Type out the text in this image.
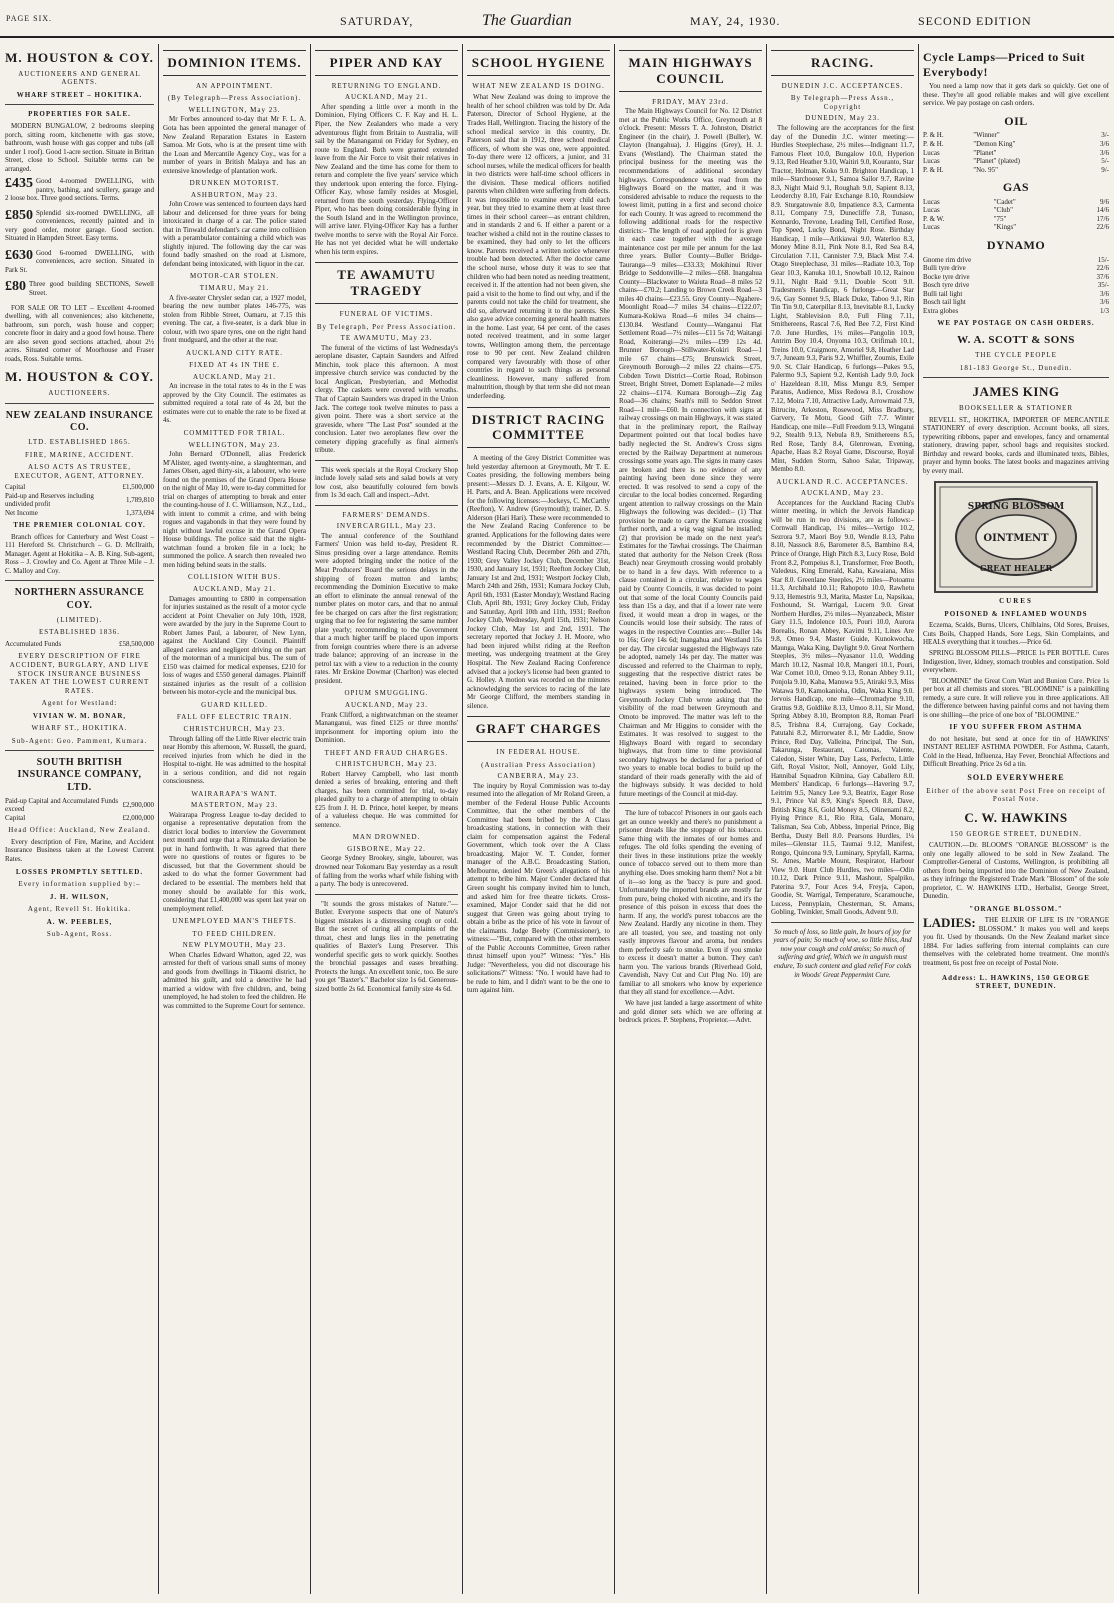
PAGE SIX.	SATURDAY,	The Guardian	MAY, 24, 1930.	SECOND EDITION
M. HOUSTON & COY.
AUCTIONEERS AND GENERAL AGENTS.
WHARF STREET – HOKITIKA.
PROPERTIES FOR SALE.

MODERN BUNGALOW, 2 bedrooms sleeping porch, sitting room, kitchenette with gas stove, bathroom, wash house with gas copper and tubs (all under 1 roof). Good 1-acre section. Situate in Brittan Street, close to School. Suitable terms can be arranged.

£435 Good 4-roomed DWELLING, with pantry, bathing, and scullery, garage and 2 loose box. Three good sections. Terms.

£850 Splendid six-roomed DWELLING, all conveniences, recently painted and in very good order, motor garage. Good section. Situated in Hampden Street. Easy terms.

£630 Good 6-roomed DWELLING, with conveniences, acre section. Situated in Park St.

£80 Three good building SECTIONS, Sewell Street.

FOR SALE OR TO LET – Excellent 4-roomed dwelling, with all conveniences; also kitchenette, bathroom, sun porch, wash house and copper; concrete floor in dairy and a good fowl house. There are also seven good sections attached, about 2½ acres. Situated corner of Moorhouse and Fraser roads, Ross. Suitable terms.

M. HOUSTON & COY.
AUCTIONEERS.
NEW ZEALAND INSURANCE CO.
LTD. ESTABLISHED 1865.
FIRE, MARINE, ACCIDENT.
ALSO ACTS AS TRUSTEE, EXECUTOR, AGENT, ATTORNEY.
Capital	£1,500,000
Paid-up and Reserves including undivided profit	1,789,810
Net Income	1,373,694
THE PREMIER COLONIAL COY.

Branch offices for Canterbury and West Coast – 111 Hereford St. Christchurch – G. D. McIlraith, Manager. Agent at Hokitika – A. B. King. Sub-agent, Ross – J. Crowley and Co. Agent at Three Mile – J. C. Malloy and Coy.

NORTHERN ASSURANCE COY.
(LIMITED).
ESTABLISHED 1836.
Accumulated Funds	£58,500,000
EVERY DESCRIPTION OF FIRE ACCIDENT, BURGLARY, AND LIVE STOCK INSURANCE BUSINESS TAKEN AT THE LOWEST CURRENT RATES.
Agent for Westland:
VIVIAN W. M. BONAR,
WHARF ST., HOKITIKA.
Sub-Agent: Geo. Pamment, Kumara.
SOUTH BRITISH INSURANCE COMPANY, LTD.
Paid-up Capital and Accumulated Funds exceed	£2,900,000
Capital	£2,000,000
Head Office: Auckland, New Zealand.

Every description of Fire, Marine, and Accident Insurance Business taken at the Lowest Current Rates.

LOSSES PROMPTLY SETTLED.
Every information supplied by:–
J. H. WILSON,
Agent, Revell St. Hokitika.
A. W. PEEBLES,
Sub-Agent, Ross.
DOMINION ITEMS.
AN APPOINTMENT.
(By Telegraph—Press Association).
WELLINGTON, May 23.

Mr Forbes announced to-day that Mr F. L. A. Gota has been appointed the general manager of New Zealand Reparation Estates in Eastern Samoa. Mr Gots, who is at the present time with the Loan and Mercantile Agency Coy., was for a number of years in British Malaya and has an extensive knowledge of plantation work.

DRUNKEN MOTORIST.
ASHBURTON, May 23.

John Crowe was sentenced to fourteen days hard labour and delicensed for three years for being intoxicated in charge of a car. The police stated that in Tinwald defendant's car came into collision with a perambulator containing a child which was slightly injured. The following day the car was found badly smashed on the road at Lismore, defendant being intoxicated, with liquor in the car.

MOTOR-CAR STOLEN.
TIMARU, May 21.

A five-seater Chrysler sedan car, a 1927 model, bearing the new number plates 146-775, was stolen from Ribble Street, Oamaru, at 7.15 this evening. The car, a five-seater, is a dark blue in colour, with two spare tyres, one on the right hand front mudguard, and the other at the rear.

AUCKLAND CITY RATE.
FIXED AT 4s IN THE £.
AUCKLAND, May 21.

An increase in the total rates to 4s in the £ was approved by the City Council. The estimates as submitted required a total rate of 4s 2d, but the estimates were cut to enable the rate to be fixed at 4s.

COMMITTED FOR TRIAL.
WELLINGTON, May 23.

John Bernard O'Donnell, alias Frederick M'Alister, aged twenty-nine, a slaughterman, and James Olsen, aged thirty-six, a labourer, who were found on the premises of the Grand Opera House on the night of May 10, were to-day committed for trial on charges of attempting to break and enter the counting-house of J. C. Williamson, N.Z., Ltd., with intent to commit a crime, and with being rogues and vagabonds in that they were found by night without lawful excuse in the Grand Opera House buildings. The police said that the night-watchman found a broken file in a lock; he summoned the police. A search then revealed two men hiding behind seats in the stalls.

COLLISION WITH BUS.
AUCKLAND, May 21.

Damages amounting to £800 in compensation for injuries sustained as the result of a motor cycle accident at Point Chevalier on July 10th, 1928, were awarded by the jury in the Supreme Court to Robert James Paul, a labourer, of New Lynn, against the Auckland City Council. Plaintiff alleged careless and negligent driving on the part of the motorman of a municipal bus. The sum of £150 was claimed for medical expenses, £210 for loss of wages and £550 general damages. Plaintiff sustained injuries as the result of a collision between his motor-cycle and the municipal bus.

GUARD KILLED.
FALL OFF ELECTRIC TRAIN.
CHRISTCHURCH, May 23.

Through falling off the Little River electric train near Hornby this afternoon, W. Russell, the guard, received injuries from which he died in the Hospital to-night. He was admitted to the hospital in a serious condition, and did not regain consciousness.

WAIRARAPA'S WANT.
MASTERTON, May 23.

Wairarapa Progress League to-day decided to organise a representative deputation from the district local bodies to interview the Government next month and urge that a Rimutaka deviation be put in hand forthwith. It was agreed that there were no questions of routes or figures to be discussed, but that the Government should be asked to do what the former Government had declared to be essential. The members held that money should be available for this work, considering that £1,400,000 was spent last year on unemployment relief.

UNEMPLOYED MAN'S THEFTS.
TO FEED CHILDREN.
NEW PLYMOUTH, May 23.

When Charles Edward Whatton, aged 22, was arrested for theft of various small sums of money and goods from dwellings in Tikaomi district, he admitted his guilt, and told a detective he had married a widow with five children, and, being unemployed, he had stolen to feed the children. He was committed to the Supreme Court for sentence.

PIPER AND KAY
RETURNING TO ENGLAND.
AUCKLAND, May 21.

After spending a little over a month in the Dominion, Flying Officers C. F. Kay and H. L. Piper, the New Zealanders who made a very adventurous flight from Britain to Australia, will sail by the Mananganui on Friday for Sydney, en route to England. Both were granted extended leave from the Air Force to visit their relatives in New Zealand and the time has come for them to return and complete the five years' service which they undertook upon entering the force. Flying-Officer Kay, whose family resides at Mosgiel, returned from the south yesterday. Flying-Officer Piper, who has been doing considerable flying in the South Island and in the Wellington province, will arrive later. Flying-Officer Kay has a further twelve months to serve with the Royal Air Force. He has not yet decided what he will undertake when his term expires.

TE AWAMUTU TRAGEDY
FUNERAL OF VICTIMS.
By Telegraph, Per Press Association.
TE AWAMUTU, May 23.

The funeral of the victims of last Wednesday's aeroplane disaster, Captain Saunders and Alfred Minchin, took place this afternoon. A most impressive church service was conducted by the local Anglican, Presbyterian, and Methodist clergy. The caskets were covered with wreaths. That of Captain Saunders was draped in the Union Jack. The cortege took twelve minutes to pass a given point. There was a short service at the graveside, where "The Last Post" sounded at the conclusion. Later two aeroplanes flew over the cemetery dipping gracefully as final airmen's tribute.

This week specials at the Royal Crockery Shop include lovely salad sets and salad bowls at very low cost, also beautifully coloured fern bowls from 1s 3d each. Call and inspect.–Advt.

FARMERS' DEMANDS.
INVERCARGILL, May 23.

The annual conference of the Southland Farmers' Union was held to-day, President R. Sinus presiding over a large attendance. Remits were adopted bringing under the notice of the Meat Producers' Board the serious delays in the shipping of frozen mutton and lambs; recommending the Dominion Executive to make an effort to eliminate the annual renewal of the number plates on motor cars, and that no annual fee be charged on cars after the first registration; urging that no fee for registering the same number plate yearly; recommending to the Government that a much higher tariff be placed upon imports from foreign countries where there is an adverse trade balance; approving of an increase in the petrol tax with a view to a reduction in the county rates. Mr Erskine Dowmar (Charlton) was elected president.

OPIUM SMUGGLING.
AUCKLAND, May 23.

Frank Clifford, a nightwatchman on the steamer Mananganui, was fined £125 or three months' imprisonment for importing opium into the Dominion.

THEFT AND FRAUD CHARGES.
CHRISTCHURCH, May 23.

Robert Harvey Campbell, who last month denied a series of breaking, entering and theft charges, has been committed for trial, to-day pleaded guilty to a charge of attempting to obtain £25 from J. H. D. Prince, hotel keeper, by means of a valueless cheque. He was committed for sentence.

MAN DROWNED.
GISBORNE, May 22.

George Sydney Brookey, single, labourer, was drowned near Tokomaru Bay yesterday as a result of falling from the works wharf while fishing with a party. The body is unrecovered.

"It sounds the gross mistakes of Nature."—Butler. Everyone suspects that one of Nature's biggest mistakes is a distressing cough or cold. But the secret of curing all complaints of the throat, chest and lungs lies in the penetrating qualities of Baxter's Lung Preserver. This wonderful specific gets to work quickly. Soothes the bronchial passages and eases breathing. Protects the lungs. An excellent tonic, too. Be sure you get "Baxter's." Bachelor size 1s 6d. Generous-sized bottle 2s 6d. Economical family size 4s 6d.

SCHOOL HYGIENE
WHAT NEW ZEALAND IS DOING.

What New Zealand was doing to improve the health of her school children was told by Dr. Ada Paterson, Director of School Hygiene, at the Trades Hall, Wellington. Tracing the history of the school medical service in this country, Dr. Paterson said that in 1912, three school medical officers, of whom she was one, were appointed. To-day there were 12 officers, a junior, and 31 school nurses, while the medical officers for health in two districts were half-time school officers in the division. These medical officers notified parents when children were suffering from defects. It was impossible to examine every child each year, but they tried to examine them at least three times in their school career—as entrant children, and in standards 2 and 6. If either a parent or a teacher wished a child not in the routine classes to be examined, they had only to let the officers know. Parents received a written notice whenever trouble had been detected. After the doctor came the school nurse, whose duty it was to see that children who had been noted as needing treatment, received it. If the attention had not been given, she paid a visit to the home to find out why, and if the parents could not take the child for treatment, she did so, afterward returning it to the parents. She also gave advice concerning general health matters in the home. Last year, 64 per cent. of the cases noted received treatment, and in some larger towns, Wellington among them, the percentage rose to 90 per cent. New Zealand children compared very favourably with those of other countries in regard to such things as personal cleanliness. However, many suffered from malnutrition, though by that term she did not mean underfeeding.

DISTRICT RACING COMMITTEE

A meeting of the Grey District Committee was held yesterday afternoon at Greymouth, Mr T. E. Coates presiding, the following members being present:—Messrs D. J. Evans, A. E. Kilgour, W. H. Parts, and A. Bean. Applications were received for the following licenses:—Jockeys, C. McCarthy (Reefton), V. Andrew (Greymouth); trainer, D. S. Alderson (Hari Hari). These were recommended to the New Zealand Racing Conference to be granted. Applications for the following dates were recommended by the District Committee:—Westland Racing Club, December 26th and 27th, 1930; Grey Valley Jockey Club, December 31st, 1930, and January 1st, 1931; Reefton Jockey Club, January 1st and 2nd, 1931; Westport Jockey Club, March 24th and 26th, 1931; Kumara Jockey Club, April 6th, 1931 (Easter Monday); Westland Racing Club, April 8th, 1931; Grey Jockey Club, Friday and Saturday, April 10th and 11th, 1931; Reefton Jockey Club, Wednesday, April 15th, 1931; Nelson Jockey Club, May 1st and 2nd, 1931. The secretary reported that Jockey J. H. Moore, who had been injured whilst riding at the Reefton meeting, was undergoing treatment at the Grey Hospital. The New Zealand Racing Conference advised that a jockey's license had been granted to G. Holley. A motion was recorded on the minutes acknowledging the services to racing of the late Mr George Clifford, the members standing in silence.

GRAFT CHARGES
IN FEDERAL HOUSE.
(Australian Press Association)
CANBERRA, May 23.

The inquiry by Royal Commission was to-day resumed into the allegation of Mr Roland Green, a member of the Federal House Public Accounts Committee, that the other members of the Committee had been bribed by the A Class broadcasting stations, in connection with their claim for compensation against the Federal Government, which took over the A Class broadcasting. Major W. T. Conder, former manager of the A.B.C. Broadcasting Station, Melbourne, denied Mr Green's allegations of his attempt to bribe him. Major Conder declared that Green sought his company invited him to lunch, and asked him for free theatre tickets. Cross-examined, Major Conder said that he did not suggest that Green was going about trying to obtain a bribe as the price of his vote in favour of the claimants. Judge Beeby (Commissioner), to witness:—"But, compared with the other members of the Public Accounts Committee, Green rather thrust himself upon you?" Witness: "Yes." His Judge: "Nevertheless, you did not discourage his solicitations?" Witness: "No. I would have had to be rude to him, and I didn't want to be the one to turn against him.

MAIN HIGHWAYS COUNCIL
FRIDAY, MAY 23rd.

The Main Highways Council for No. 12 District met at the Public Works Office, Greymouth at 8 o'clock. Present: Messrs T. A. Johnston, District Engineer (in the chair), J. Powell (Buller), W. Clayton (Inangahua), J. Higgins (Grey), H. J. Evans (Westland). The Chairman stated the principal business for the meeting was the recommendations of additional secondary highways. Correspondence was read from the Highways Board on the matter, and it was considered advisable to reduce the requests to the lowest limit, putting in a first and second choice for each County. It was agreed to recommend the following additional roads for the respective districts:– The length of road applied for is given in each case together with the average maintenance cost per mile per annum for the last three years. Buller County—Buller Bridge-Tauranga—9 miles—£33.33; Mokihinui River Bridge to Seddonville—2 miles—£68. Inangahua County—Blackwater to Waiuta Road—8 miles 52 chains—£70.2; Landing to Brown Creek Road—3 miles 40 chains—£23.55. Grey County—Ngahere-Moonlight Road—7 miles 34 chains—£122.07; Kumara-Kokiwa Road—6 miles 34 chains—£130.84. Westland County—Wanganui Flat Settlement Road—7½ miles—£11 5s 7d; Waitangi Road, Koiterangi—2½ miles—£99 12s 4d. Brunner Borough—Stillwater-Kokiri Road—1 mile 67 chains—£75; Brunswick Street, Greymouth Borough—2 miles 22 chains—£75. Cobden Town District—Cortie Road, Robinson Street, Bright Street, Domett Esplanade—2 miles 22 chains—£174. Kumara Borough—Zig Zag Road—36 chains; Seath's mill to Seddon Street Road—1 mile—£60. In connection with signs at railway crossings on main Highways, it was stated that in the preliminary report, the Railway Department pointed out that local bodies have badly neglected the St. Andrew's Cross signs erected by the Railway Department at numerous crossings some years ago. The signs in many cases are broken and there is no evidence of any painting having been done since they were erected. It was resolved to send a copy of the circular to the local bodies concerned. Regarding urgent attention to railway crossings on the Main Highways the following was decided:– (1) That provision be made to carry the Kumara crossing further north, and a wig wag signal be installed; (2) that provision be made on the next year's Estimates for the Tawhai crossings. The Chairman stated that authority for the Nelson Creek (Ross Beach) near Greymouth crossing would probably be to hand in a few days. With reference to a clause contained in a circular, relative to wages paid by County Councils, it was decided to point out that some of the local County Councils paid less than 15s a day, and that if a lower rate were fixed, it would mean a drop in wages, or the Councils would lose their subsidy. The rates of wages in the respective Counties are:—Buller 14s to 16s; Grey 14s 6d; Inangahua and Westland 15s per day. The circular suggested the Highways rate be adopted, namely 14s per day. The matter was discussed and referred to the Chairman to reply, suggesting that the respective district rates be retained, having been in force prior to the highways system being introduced. The Greymouth Jockey Club wrote asking that the visibility of the road between Greymouth and Omoto be improved. The matter was left to the Chairman and Mr Higgins to consider with the Estimates. It was resolved to suggest to the Highways Board with regard to secondary highways, that from time to time provisional secondary highways be declared for a period of two years to enable local bodies to build up the standard of their roads generally with the aid of the highways subsidy. It was decided to hold future meetings of the Council at mid-day.

The lure of tobacco! Prisoners in our gaols each get an ounce weekly and there's no punishment a prisoner dreads like the stoppage of his tobacco. Same thing with the inmates of our homes and refuges. The old folks spending the evening of their lives in these institutions prize the weekly ounce of tobacco served out to them more than anything else. Does smoking harm them? Not a bit of it—so long as the 'baccy is pure and good. Unfortunately the imported brands are mostly far from pure, being choked with nicotine, and it's the presence of this poison in excess that does the harm. If any, the world's purest tobaccos are the New Zealand. Hardly any nicotine in them. They are all toasted, you see, and toasting not only vastly improves flavour and aroma, but renders them perfectly safe to smoke. Even if you smoke to excess it doesn't matter a button. They can't harm you. The various brands (Riverhead Gold, Cavendish, Navy Cut and Cut Plug No. 10) are familiar to all smokers who know by experience that they all stand for excellence.—Advt.

We have just landed a large assortment of white and gold dinner sets which we are offering at bedrock prices. P. Stephens, Proprietor.—Advt.

RACING.
DUNEDIN J.C. ACCEPTANCES.
By Telegraph—Press Assn., Copyright
DUNEDIN, May 23.

The following are the acceptances for the first day of the Dunedin J.C. winter meeting:— Hurdles Steeplechase, 2½ miles—Indignant 11.7, Famous Fleet 10.0, Bungalow 10.0, Hyperion 9.13, Red Heather 9.10, Waitiri 9.0, Kouranto, Star Tractor, Holman, Koko 9.0. Brighton Handicap, 1 mile—Starchooser 9.1, Samoa Sailor 9.7, Ravine 8.3, Night Maid 9.1, Roughah 9.0, Sapient 8.13, Leoderchy 8.10, Fair Exchange 8.10, Roundsiew 8.9. Sturgatownie 8.0, Impatience 8.3, Carmenta 8.11, Company 7.9, Dunecliffe 7.8, Tunaso, Kennardo, Trevone, Leading Tell, Certified Rose, Top Speed, Lucky Bond, Night Rose. Birthday Handicap, 1 mile—Arikiawai 9.0, Waterloo 8.3, Money Mine 8.11, Pink Note 8.1, Red Sea 8.4, Circulation 7.11, Cannister 7.9, Black Mist 7.4. Otago Steeplechase, 31 miles—Radiate 10.3, Top Gear 10.3, Kanuka 10.1, Snowball 10.12, Rainou 9.11, Night Raid 9.11, Double Scott 9.0. Tradesmen's Handicap, 6 furlongs—Great Star 9.6, Gay Sonnet 9.5, Black Duke, Taboo 9.1, Rin Tin Tin 9.0, Caterpillar 8.13, Inevitable 8.1, Lucky Light, Stablevision 8.0, Full Fling 7.11, Smithereens, Rascal 7.6, Red Bee 7.2, First Kind 7.0. June Hurdles, 1½ miles—Pangolin 10.9, Antrim Boy 10.4, Onyoma 10.3, Orifimah 10.1, Treins 10.0, Craigmore, Amoriel 9.8, Heather Lad 9.7, Juneam 9.3, Paris 9.2, Whiffler, Zoumis, Exile 9.0. St. Clair Handicap, 6 furlongs—Pukes 9.5, Palermo 9.3, Sapient 9.2, Kentish Lady 9.0, Jock o' Hazeldean 8.10, Miss Mungu 8.9, Semper Paratus, Audience, Miss Redowa 8.1, Crosshow 7.12, Moira 7.10, Attractive Lady, Arrowmaid 7.9, Bitrucite, Arkeston, Rosewood, Miss Bradbury, Garvery, Te Motu, Good Gift 7.7. Winter Handicap, one mile—Full Freedom 9.13, Wingatui 9.2, Stealth 9.13, Nebula 8.9, Smithereens 8.5, Red Rose, Tardy 8.4, Glenrowan, Evening, Apache, Haas 8.2 Royal Game, Discourse, Royal Mint, Sudden Storm, Sahoo Salar, Tripaway, Membo 8.0.

AUCKLAND R.C. ACCEPTANCES.
AUCKLAND, May 23.

Acceptances for the Auckland Racing Club's winter meeting, in which the Jervois Handicap will be run in two divisions, are as follows:– Cornwall Handicap, 1¼ miles—Vertigo 10.2, Sezrora 9.7, Maori Boy 9.0, Wendle 8.13, Pahu 8.10, Nassock 8.6, Barometer 8.5, Bambino 8.4, Prince of Orange, High Pitch 8.3, Lucy Rose, Bold Front 8.2, Pompeius 8.1, Transformer, Free Booth, Valedeus, King Emerald, Kaha, Kawaiana, Miss Star 8.0. Greenlane Steeples, 2½ miles—Potoamu 11.3, Archibald 10.11; Rahopoto 10.0, Rawhetu 9.13, Hemestris 9.3, Marita, Master Lu, Napsikaa, Foxhound, St. Warrigal, Lucern 9.0. Great Northern Hurdles, 2½ miles—Nyanzabeck, Mister Gary 11.5, Indolence 10.5, Pouri 10.0, Aurora Borealis, Ronan Abbey, Kavimi 9.11, Lines Are 9.8, Omeo 9.4, Master Guide, Kunokwocha, Maunga, Waka King, Daylight 9.0. Great Northern Steeples, 3½ miles—Nyasanor 11.0, Wedding March 10.12, Nasmal 10.8, Mangeri 10.1, Pouri, War Comet 10.0, Omeo 9.13, Ronan Abbey 9.11, Ponjola 9.10, Kaha, Manuwa 9.5, Atiraki 9.3, Miss Watawa 9.0, Kamokanioha, Odin, Waka King 9.0. Jervois Handicap, one mile—Chromadyne 9.10, Grattus 9.8, Goldlike 8.13, Umoo 8.11, Sir Mond, Spring Abbey 8.10, Brompton 8.8, Roman Pearl 8.5, Trishna 8.4, Currajong, Gay Cockade, Patutahi 8.2, Mirrorwater 8.1, Mr Laddie, Snow Prince, Red Day, Valleina, Principal, The Sun, Takarunga, Restaurant, Catomas, Valente, Caledon, Sister White, Day Lass, Perfecto, Little Gift, Royal Visitor, Noll, Annoyer, Gold Lily, Hannibal Squadron Kilmina, Gay Caballero 8.0. Members' Handicap, 6 furlongs—Havering 9.7, Leitrim 9.5, Nancy Lee 9.3, Beatrix, Eager Rose 9.1, Prince Val 8.9, King's Speech 8.8, Dave, British King 8.6, Gold Money 8.5, Olinenami 8.2, Flying Prince 8.1, Rio Rita, Gala, Monaro, Talisman, Sea Cob, Abbess, Imperial Prince, Big Bertha, Dusty Bell 8.0. Pearsons Hurdles, 1¼ miles—Glenstar 11.5, Taumai 9.12, Manifest, Rongo, Quincona 9.9, Luminary, Spryfall, Karma, St. Ames, Marble Mount, Respirator, Harbour View 9.0. Hunt Club Hurdles, two miles—Odin 10.12, Dark Prince 9.11, Mashour, Spalpiko, Paterina 9.7, Four Aces 9.4, Freyja, Capon, Goodie, St. Warrigal, Temperature, Scaramouche, Lucess, Pennyplain, Chesterman, St. Amans, Gobling, Twinkler, Small Goods, Advent 9.0.

So much of loss, so little gain, In hours of joy for years of pain; So much of woe, so little bliss, And now your cough and cold amiss; So much of suffering and grief, Which we in anguish must endure, To such content and glad relief For colds in Woods' Great Peppermint Cure.

Cycle Lamps—Priced to Suit Everybody!

You need a lamp now that it gets dark so quickly. Get one of these. They're all good reliable makes and will give excellent service. We pay postage on cash orders.

OIL
P. & H.	"Winner"	3/-
P. & H.	"Demon King"	3/6
Lucas	"Planet"	3/6
Lucas	"Planet" (plated)	5/-
P. & H.	"No. 95"	9/-
GAS
Lucas	"Cadet"	9/6
Lucas	"Club"	14/6
P. & W.	"75"	17/6
Lucas	"Kings"	22/6
DYNAMO
Gnome rim drive	15/-
Bulli tyre drive	22/6
Bocke tyre drive	37/6
Bosch tyre drive	35/-
Bulli tail light	3/6
Bosch tail light	3/6
Extra globes	1/3
WE PAY POSTAGE ON CASH ORDERS.
W. A. SCOTT & SONS
THE CYCLE PEOPLE
181-183 George St., Dunedin.
JAMES KING
BOOKSELLER & STATIONER

REVELL ST., HOKITIKA, IMPORTER OF MERCANTILE STATIONERY of every description. Account books, all sizes, typewriting ribbons, paper and envelopes, fancy and ornamental stationery, drawing paper, school bags and requisites stocked. Birthday and reward books, cards and illuminated texts, Bibles, prayer and hymn books. The latest books and magazines arriving by every mail.

SPRING BLOSSOM
OINTMENT
GREAT HEALER
CURES
POISONED & INFLAMED WOUNDS

Eczema, Scalds, Burns, Ulcers, Chilblains, Old Sores, Bruises, Cuts Boils, Chapped Hands, Sore Legs, Skin Complaints, and HEALS everything that it touches.—Price 6d.

SPRING BLOSSOM PILLS—PRICE 1s PER BOTTLE. Cures Indigestion, liver, kidney, stomach troubles and constipation. Sold everywhere.

"BLOOMINE" the Great Corn Wart and Bunion Cure. Price 1s per box at all chemists and stores. "BLOOMINE" is a painkilling remedy, a sure cure. It will relieve you in three applications. All the difference between having painful corns and not having them is one shilling—the price of one box of "BLOOMINE."

IF YOU SUFFER FROM ASTHMA

do not hesitate, but send at once for tin of HAWKINS' INSTANT RELIEF ASTHMA POWDER. For Asthma, Catarrh, Cold in the Head, Influenza, Hay Fever, Bronchial Affections and Difficult Breathing. Price 2s 6d a tin.

SOLD EVERYWHERE
Either of the above sent Post Free on receipt of Postal Note.
C. W. HAWKINS
150 GEORGE STREET, DUNEDIN.

CAUTION.—Dr. BLOOM'S "ORANGE BLOSSOM" is the only one legally allowed to be sold in New Zealand. The Comptroller-General of Customs, Wellington, is prohibiting all others from being imported into the Dominion of New Zealand, as they infringe the Registered Trade Mark "Blossom" of the sole proprietor, C. W. HAWKINS LTD., Herbalist, George Street, Dunedin.

"ORANGE BLOSSOM."
LADIES:	THE ELIXIR OF LIFE IS IN "ORANGE BLOSSOM." It makes you well and keeps you fit. Used by thousands. On the New Zealand market since 1884. For ladies suffering from internal complaints can cure themselves with the celebrated home treatment. One month's treatment, 6s post free on receipt of Postal Note.

Address: L. HAWKINS, 150 GEORGE STREET, DUNEDIN.
